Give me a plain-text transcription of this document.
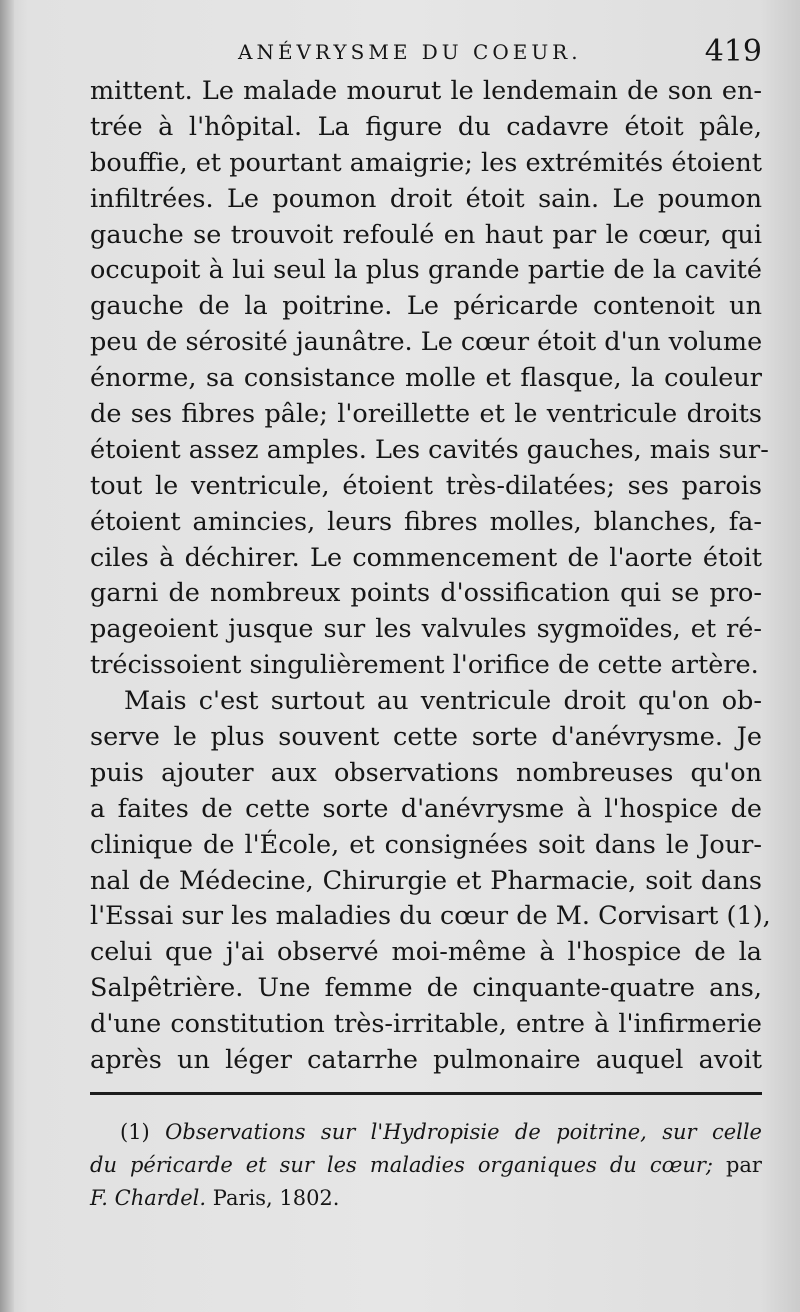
ANÉVRYSME DU COEUR.	419
mittent. Le malade mourut le lendemain de son en-
trée à l'hôpital. La figure du cadavre étoit pâle,
bouffie, et pourtant amaigrie; les extrémités étoient
infiltrées. Le poumon droit étoit sain. Le poumon
gauche se trouvoit refoulé en haut par le cœur, qui
occupoit à lui seul la plus grande partie de la cavité
gauche de la poitrine. Le péricarde contenoit un
peu de sérosité jaunâtre. Le cœur étoit d'un volume
énorme, sa consistance molle et flasque, la couleur
de ses fibres pâle; l'oreillette et le ventricule droits
étoient assez amples. Les cavités gauches, mais sur-
tout le ventricule, étoient très-dilatées; ses parois
étoient amincies, leurs fibres molles, blanches, fa-
ciles à déchirer. Le commencement de l'aorte étoit
garni de nombreux points d'ossification qui se pro-
pageoient jusque sur les valvules sygmoïdes, et ré-
trécissoient singulièrement l'orifice de cette artère.
Mais c'est surtout au ventricule droit qu'on ob-
serve le plus souvent cette sorte d'anévrysme. Je
puis ajouter aux observations nombreuses qu'on
a faites de cette sorte d'anévrysme à l'hospice de
clinique de l'École, et consignées soit dans le Jour-
nal de Médecine, Chirurgie et Pharmacie, soit dans
l'Essai sur les maladies du cœur de M. Corvisart (1),
celui que j'ai observé moi-même à l'hospice de la
Salpêtrière. Une femme de cinquante-quatre ans,
d'une constitution très-irritable, entre à l'infirmerie
après un léger catarrhe pulmonaire auquel avoit
(1) Observations sur l'Hydropisie de poitrine, sur celle
du péricarde et sur les maladies organiques du cœur; par
F. Chardel. Paris, 1802.
